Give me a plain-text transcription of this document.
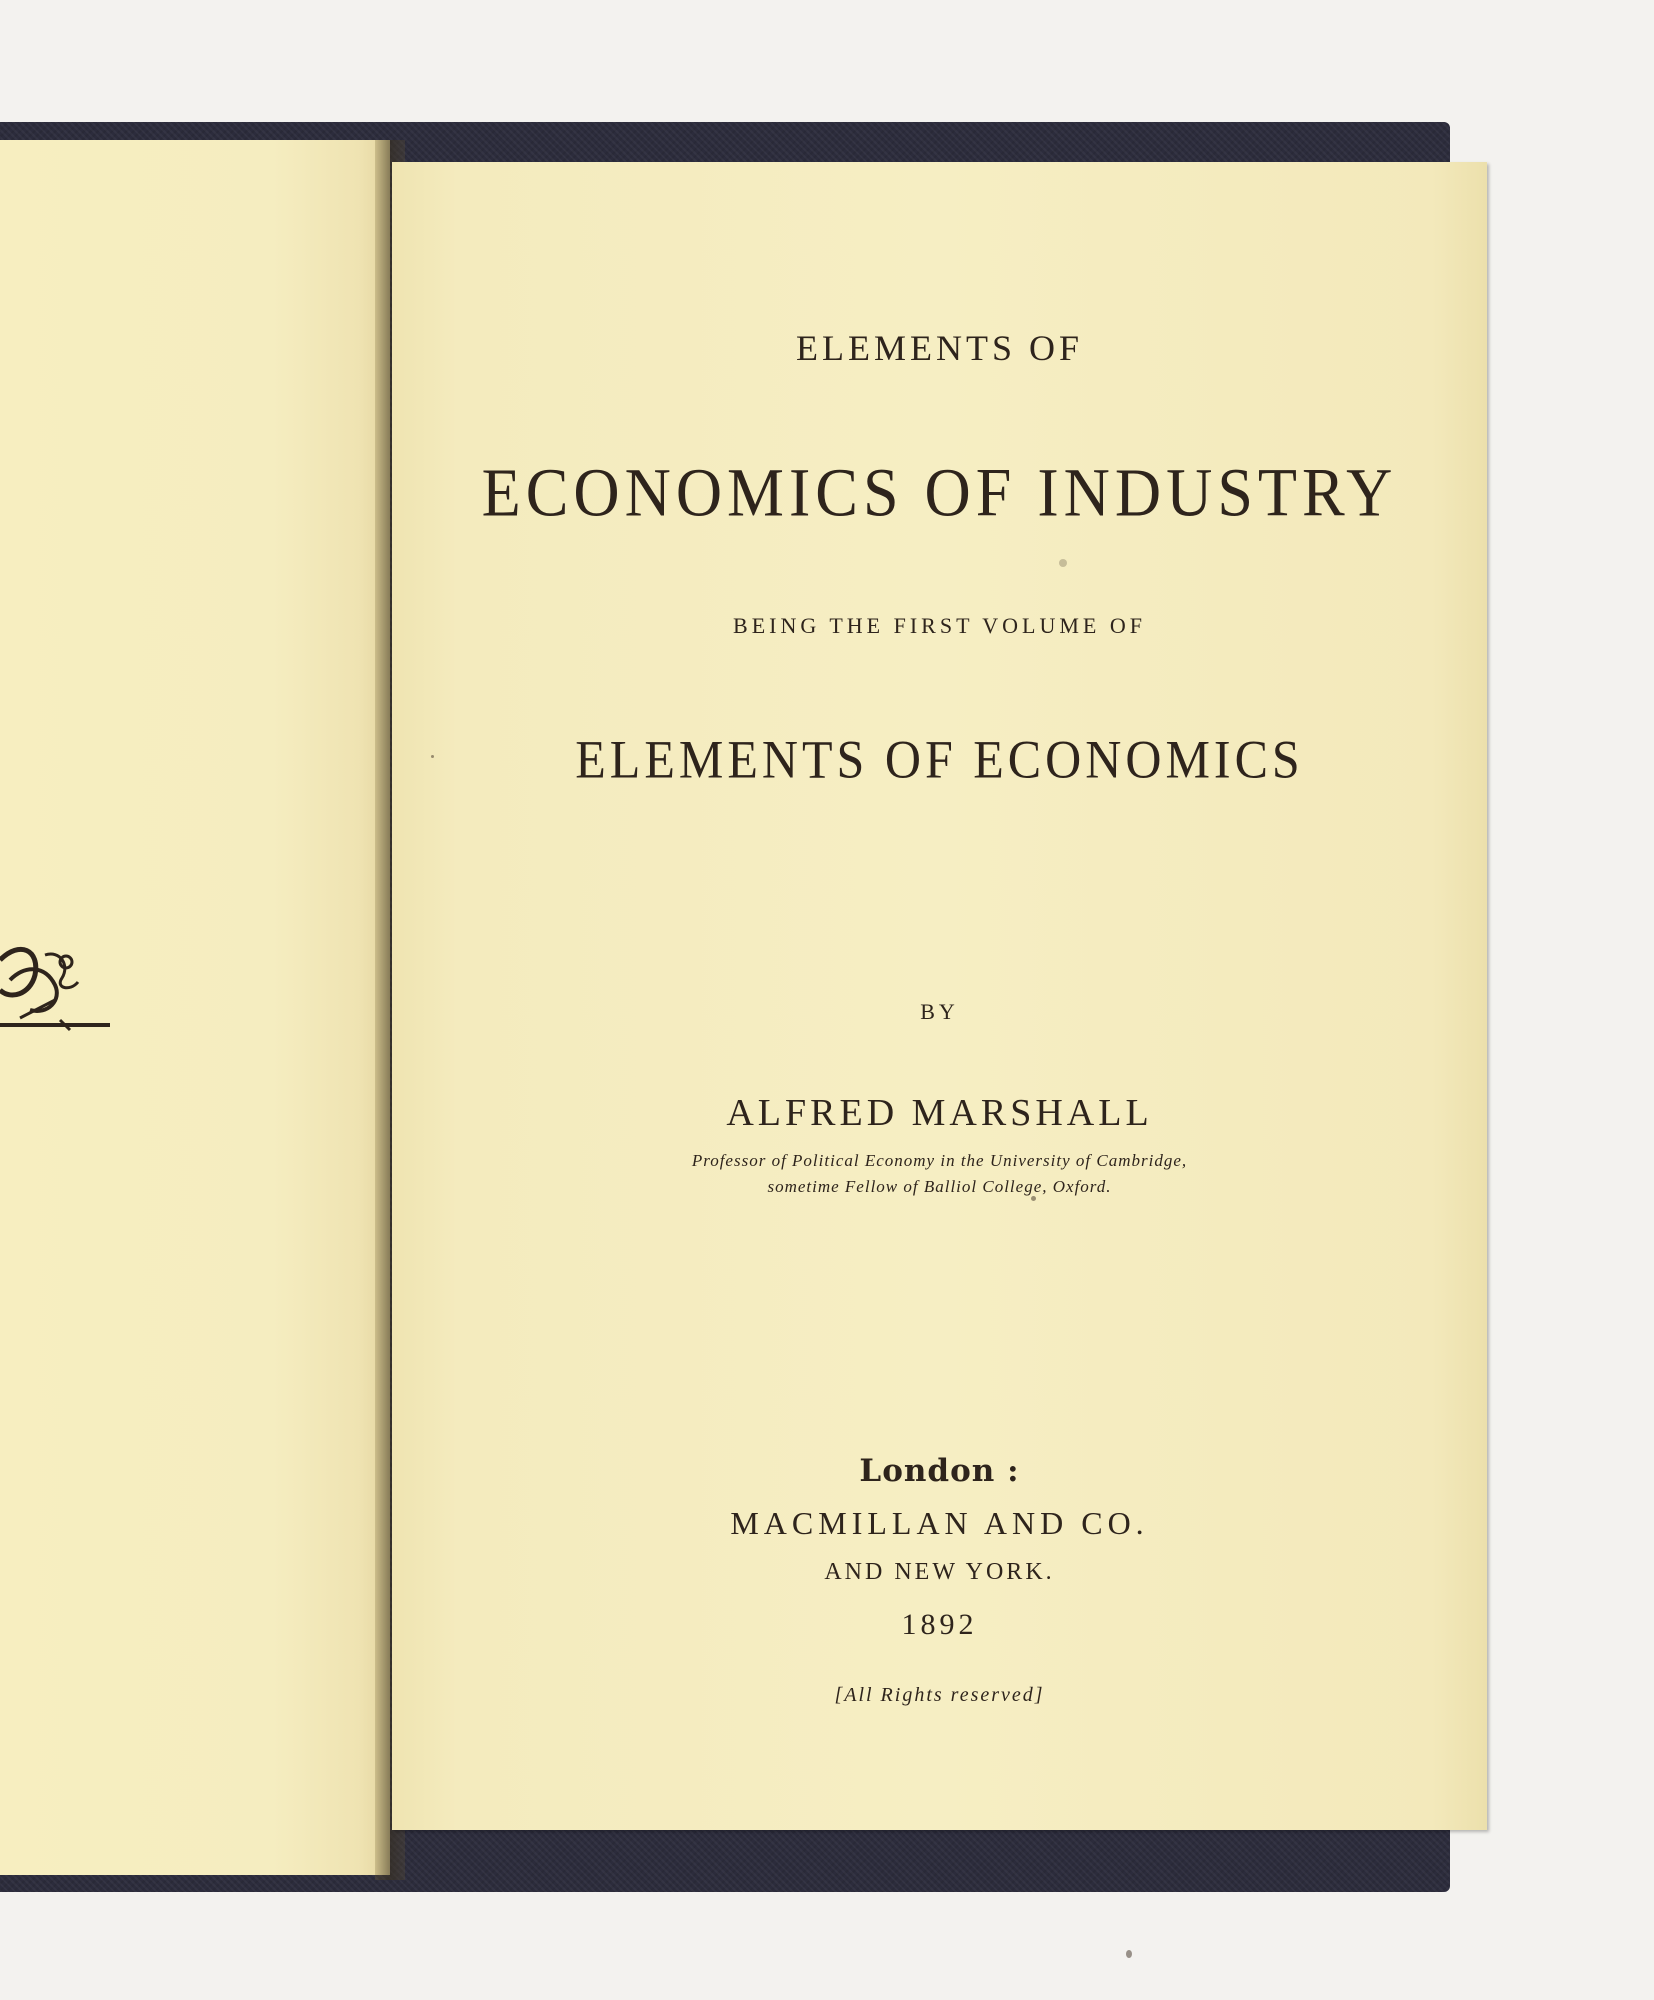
ELEMENTS OF
ECONOMICS OF INDUSTRY
BEING THE FIRST VOLUME OF
ELEMENTS OF ECONOMICS
BY
ALFRED MARSHALL
Professor of Political Economy in the University of Cambridge,
sometime Fellow of Balliol College, Oxford.
London :
MACMILLAN AND CO.
AND NEW YORK.
1892
[All Rights reserved]
